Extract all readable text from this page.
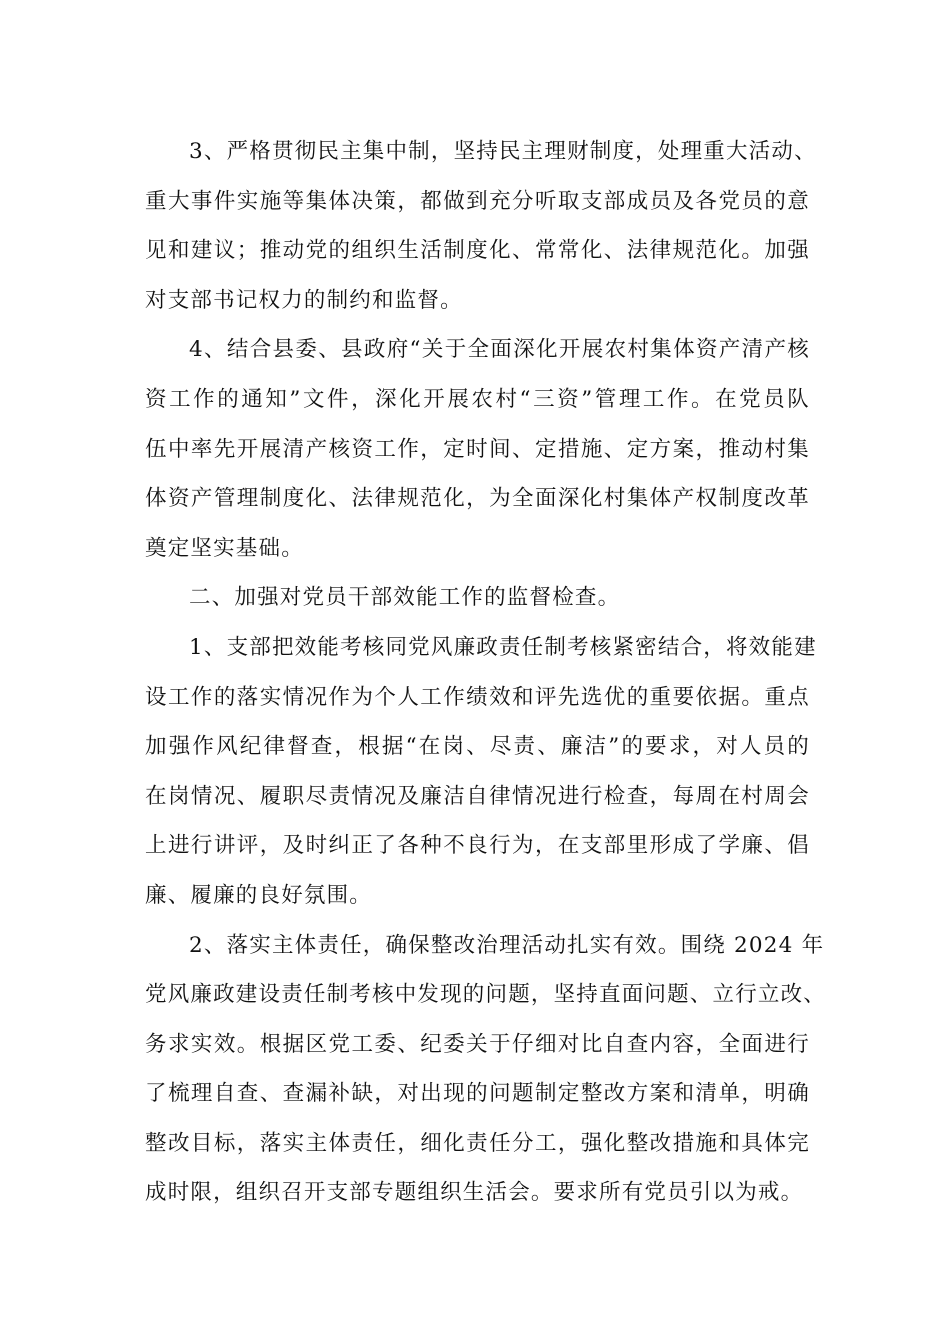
3、严格贯彻民主集中制，坚持民主理财制度，处理重大活动、
重大事件实施等集体决策，都做到充分听取支部成员及各党员的意
见和建议；推动党的组织生活制度化、常常化、法律规范化。加强
对支部书记权力的制约和监督。

4、结合县委、县政府“关于全面深化开展农村集体资产清产核
资工作的通知”文件，深化开展农村“三资”管理工作。在党员队
伍中率先开展清产核资工作，定时间、定措施、定方案，推动村集
体资产管理制度化、法律规范化，为全面深化村集体产权制度改革
奠定坚实基础。

二、加强对党员干部效能工作的监督检查。

1、支部把效能考核同党风廉政责任制考核紧密结合，将效能建
设工作的落实情况作为个人工作绩效和评先选优的重要依据。重点
加强作风纪律督查，根据“在岗、尽责、廉洁”的要求，对人员的
在岗情况、履职尽责情况及廉洁自律情况进行检查，每周在村周会
上进行讲评，及时纠正了各种不良行为，在支部里形成了学廉、倡
廉、履廉的良好氛围。

2、落实主体责任，确保整改治理活动扎实有效。围绕 2024 年
党风廉政建设责任制考核中发现的问题，坚持直面问题、立行立改、
务求实效。根据区党工委、纪委关于仔细对比自查内容，全面进行
了梳理自查、查漏补缺，对出现的问题制定整改方案和清单，明确
整改目标，落实主体责任，细化责任分工，强化整改措施和具体完
成时限，组织召开支部专题组织生活会。要求所有党员引以为戒。
